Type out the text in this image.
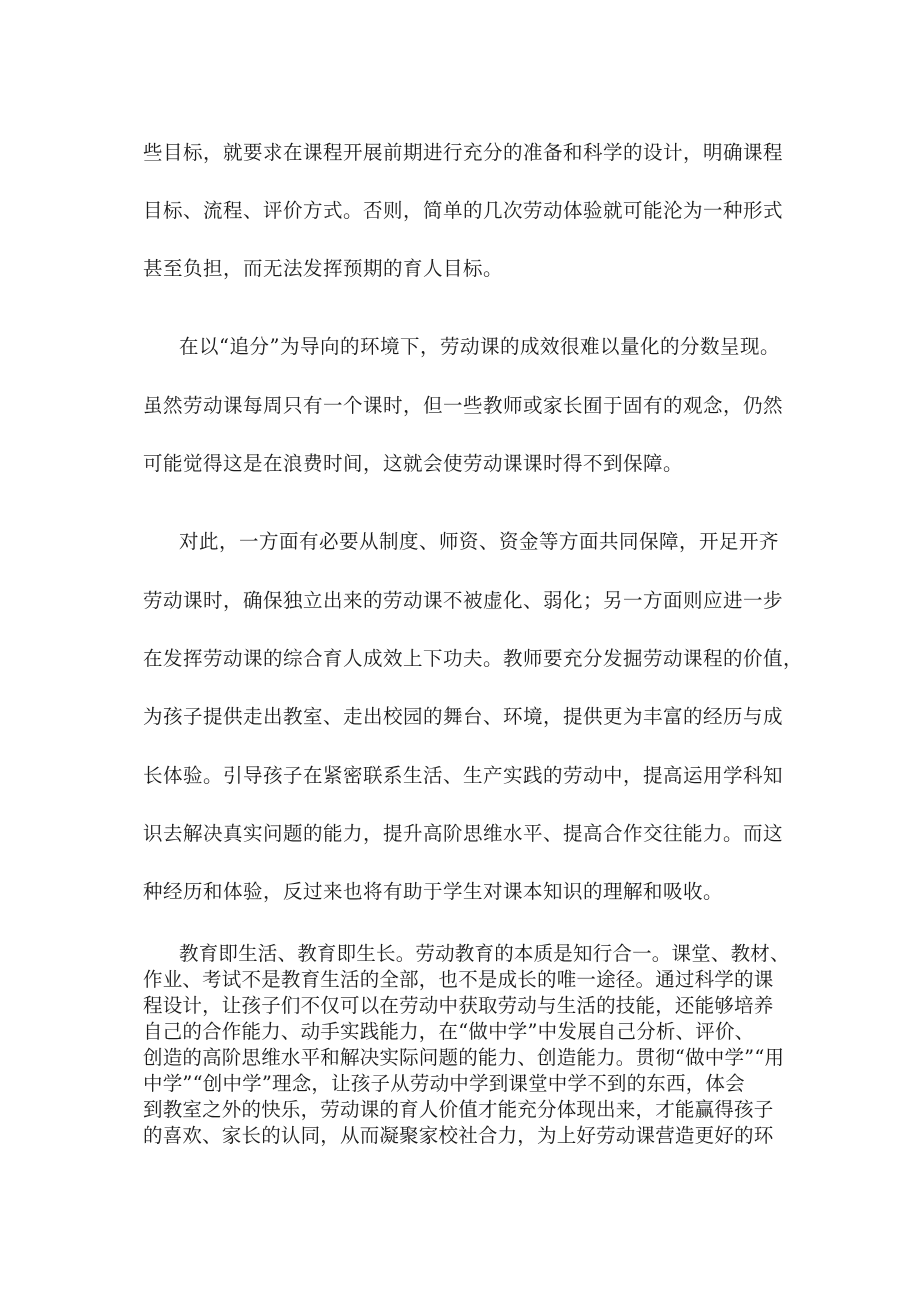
些目标，就要求在课程开展前期进行充分的准备和科学的设计，明确课程
目标、流程、评价方式。否则，简单的几次劳动体验就可能沦为一种形式
甚至负担，而无法发挥预期的育人目标。
在以“追分”为导向的环境下，劳动课的成效很难以量化的分数呈现。
虽然劳动课每周只有一个课时，但一些教师或家长囿于固有的观念，仍然
可能觉得这是在浪费时间，这就会使劳动课课时得不到保障。
对此，一方面有必要从制度、师资、资金等方面共同保障，开足开齐
劳动课时，确保独立出来的劳动课不被虚化、弱化；另一方面则应进一步
在发挥劳动课的综合育人成效上下功夫。教师要充分发掘劳动课程的价值，
为孩子提供走出教室、走出校园的舞台、环境，提供更为丰富的经历与成
长体验。引导孩子在紧密联系生活、生产实践的劳动中，提高运用学科知
识去解决真实问题的能力，提升高阶思维水平、提高合作交往能力。而这
种经历和体验，反过来也将有助于学生对课本知识的理解和吸收。
教育即生活、教育即生长。劳动教育的本质是知行合一。课堂、教材、
作业、考试不是教育生活的全部，也不是成长的唯一途径。通过科学的课
程设计，让孩子们不仅可以在劳动中获取劳动与生活的技能，还能够培养
自己的合作能力、动手实践能力，在“做中学”中发展自己分析、评价、
创造的高阶思维水平和解决实际问题的能力、创造能力。贯彻“做中学”“用
中学”“创中学”理念，让孩子从劳动中学到课堂中学不到的东西，体会
到教室之外的快乐，劳动课的育人价值才能充分体现出来，才能赢得孩子
的喜欢、家长的认同，从而凝聚家校社合力，为上好劳动课营造更好的环
